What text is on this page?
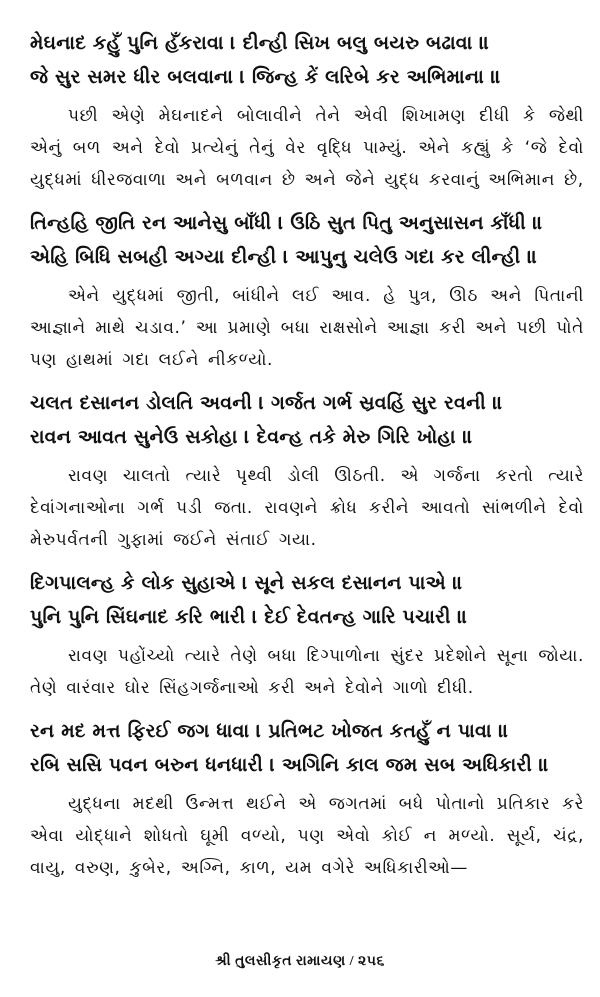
મેઘનાદ કહુઁ પુનિ હઁકરાવા । દીન્હી સિખ બલુ બયરુ બઢાવા ॥
જે સુર સમર ધીર બલવાના । જિન્હ કેં લરિબે કર અભિમાના ॥

પછી એણે મેઘનાદને બોલાવીને તેને એવી શિખામણ દીધી કે જેથી એનું બળ અને દેવો પ્રત્યેનું તેનું વેર વૃદ્ધિ પામ્યું. એને કહ્યું કે ‘જે દેવો યુદ્ધમાં ધીરજવાળા અને બળવાન છે અને જેને યુદ્ધ કરવાનું અભિમાન છે,

તિન્હહિ જીતિ રન આનેસુ બાઁધી । ઉઠિ સુત પિતુ અનુસાસન કાઁધી ॥
એહિ બિધિ સબહી અગ્યા દીન્હી । આપુનુ ચલેઉ ગદા કર લીન્હી ॥

એને યુદ્ધમાં જીતી, બાંધીને લઈ આવ. હે પુત્ર, ઊઠ અને પિતાની આજ્ઞાને માથે ચડાવ.’ આ પ્રમાણે બધા રાક્ષસોને આજ્ઞા કરી અને પછી પોતે પણ હાથમાં ગદા લઈને નીકળ્યો.

ચલત દસાનન ડોલતિ અવની । ગર્જત ગર્ભ સ્રવહિં સુર રવની ॥
રાવન આવત સુનેઉ સકોહા । દેવન્હ તકે મેરુ ગિરિ ખોહા ॥

રાવણ ચાલતો ત્યારે પૃથ્વી ડોલી ઊઠતી. એ ગર્જના કરતો ત્યારે દેવાંગનાઓના ગર્ભ પડી જતા. રાવણને ક્રોધ કરીને આવતો સાંભળીને દેવો મેરુપર્વતની ગુફામાં જઈને સંતાઈ ગયા.

દિગપાલન્હ કે લોક સુહાએ । સૂને સકલ દસાનન પાએ ॥
પુનિ પુનિ સિંઘનાદ કરિ ભારી । દેઈ દેવતન્હ ગારિ પચારી ॥

રાવણ પહોંચ્યો ત્યારે તેણે બધા દિગ્પાળોના સુંદર પ્રદેશોને સૂના જોયા. તેણે વારંવાર ઘોર સિંહગર્જનાઓ કરી અને દેવોને ગાળો દીધી.

રન મદ મત્ત ફિરઈ જગ ધાવા । પ્રતિભટ ખોજત કતહુઁ ન પાવા ॥
રબિ સસિ પવન બરુન ધનધારી । અગિનિ કાલ જમ સબ અધિકારી ॥

યુદ્ધના મદથી ઉન્મત્ત થઈને એ જગતમાં બધે પોતાનો પ્રતિકાર કરે એવા યોદ્ધાને શોધતો ઘૂમી વળ્યો, પણ એવો કોઈ ન મળ્યો. સૂર્ય, ચંદ્ર, વાયુ, વરુણ, કુબેર, અગ્નિ, કાળ, યમ વગેરે અધિકારીઓ—

શ્રી તુલસીકૃત રામાયણ / ૨૫૬
